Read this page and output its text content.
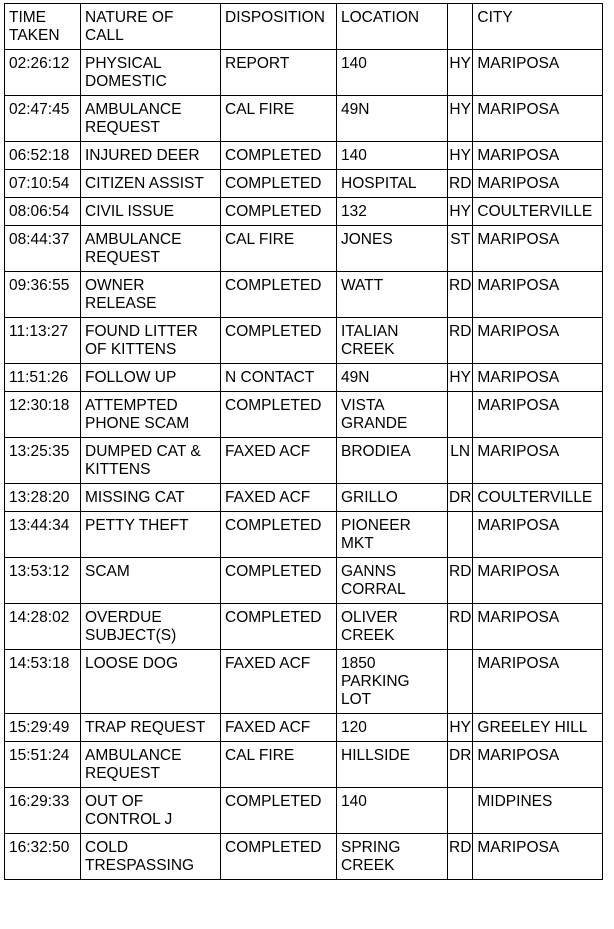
TIME
TAKEN	NATURE OF
CALL	DISPOSITION	LOCATION		CITY
02:26:12	PHYSICAL
DOMESTIC	REPORT	140	HY	MARIPOSA
02:47:45	AMBULANCE
REQUEST	CAL FIRE	49N	HY	MARIPOSA
06:52:18	INJURED DEER	COMPLETED	140	HY	MARIPOSA
07:10:54	CITIZEN ASSIST	COMPLETED	HOSPITAL	RD	MARIPOSA
08:06:54	CIVIL ISSUE	COMPLETED	132	HY	COULTERVILLE
08:44:37	AMBULANCE
REQUEST	CAL FIRE	JONES	ST	MARIPOSA
09:36:55	OWNER
RELEASE	COMPLETED	WATT	RD	MARIPOSA
11:13:27	FOUND LITTER
OF KITTENS	COMPLETED	ITALIAN
CREEK	RD	MARIPOSA
11:51:26	FOLLOW UP	N CONTACT	49N	HY	MARIPOSA
12:30:18	ATTEMPTED
PHONE SCAM	COMPLETED	VISTA
GRANDE		MARIPOSA
13:25:35	DUMPED CAT &
KITTENS	FAXED ACF	BRODIEA	LN	MARIPOSA
13:28:20	MISSING CAT	FAXED ACF	GRILLO	DR	COULTERVILLE
13:44:34	PETTY THEFT	COMPLETED	PIONEER
MKT		MARIPOSA
13:53:12	SCAM	COMPLETED	GANNS
CORRAL	RD	MARIPOSA
14:28:02	OVERDUE
SUBJECT(S)	COMPLETED	OLIVER
CREEK	RD	MARIPOSA
14:53:18	LOOSE DOG	FAXED ACF	1850
PARKING
LOT		MARIPOSA
15:29:49	TRAP REQUEST	FAXED ACF	120	HY	GREELEY HILL
15:51:24	AMBULANCE
REQUEST	CAL FIRE	HILLSIDE	DR	MARIPOSA
16:29:33	OUT OF
CONTROL J	COMPLETED	140		MIDPINES
16:32:50	COLD
TRESPASSING	COMPLETED	SPRING
CREEK	RD	MARIPOSA
